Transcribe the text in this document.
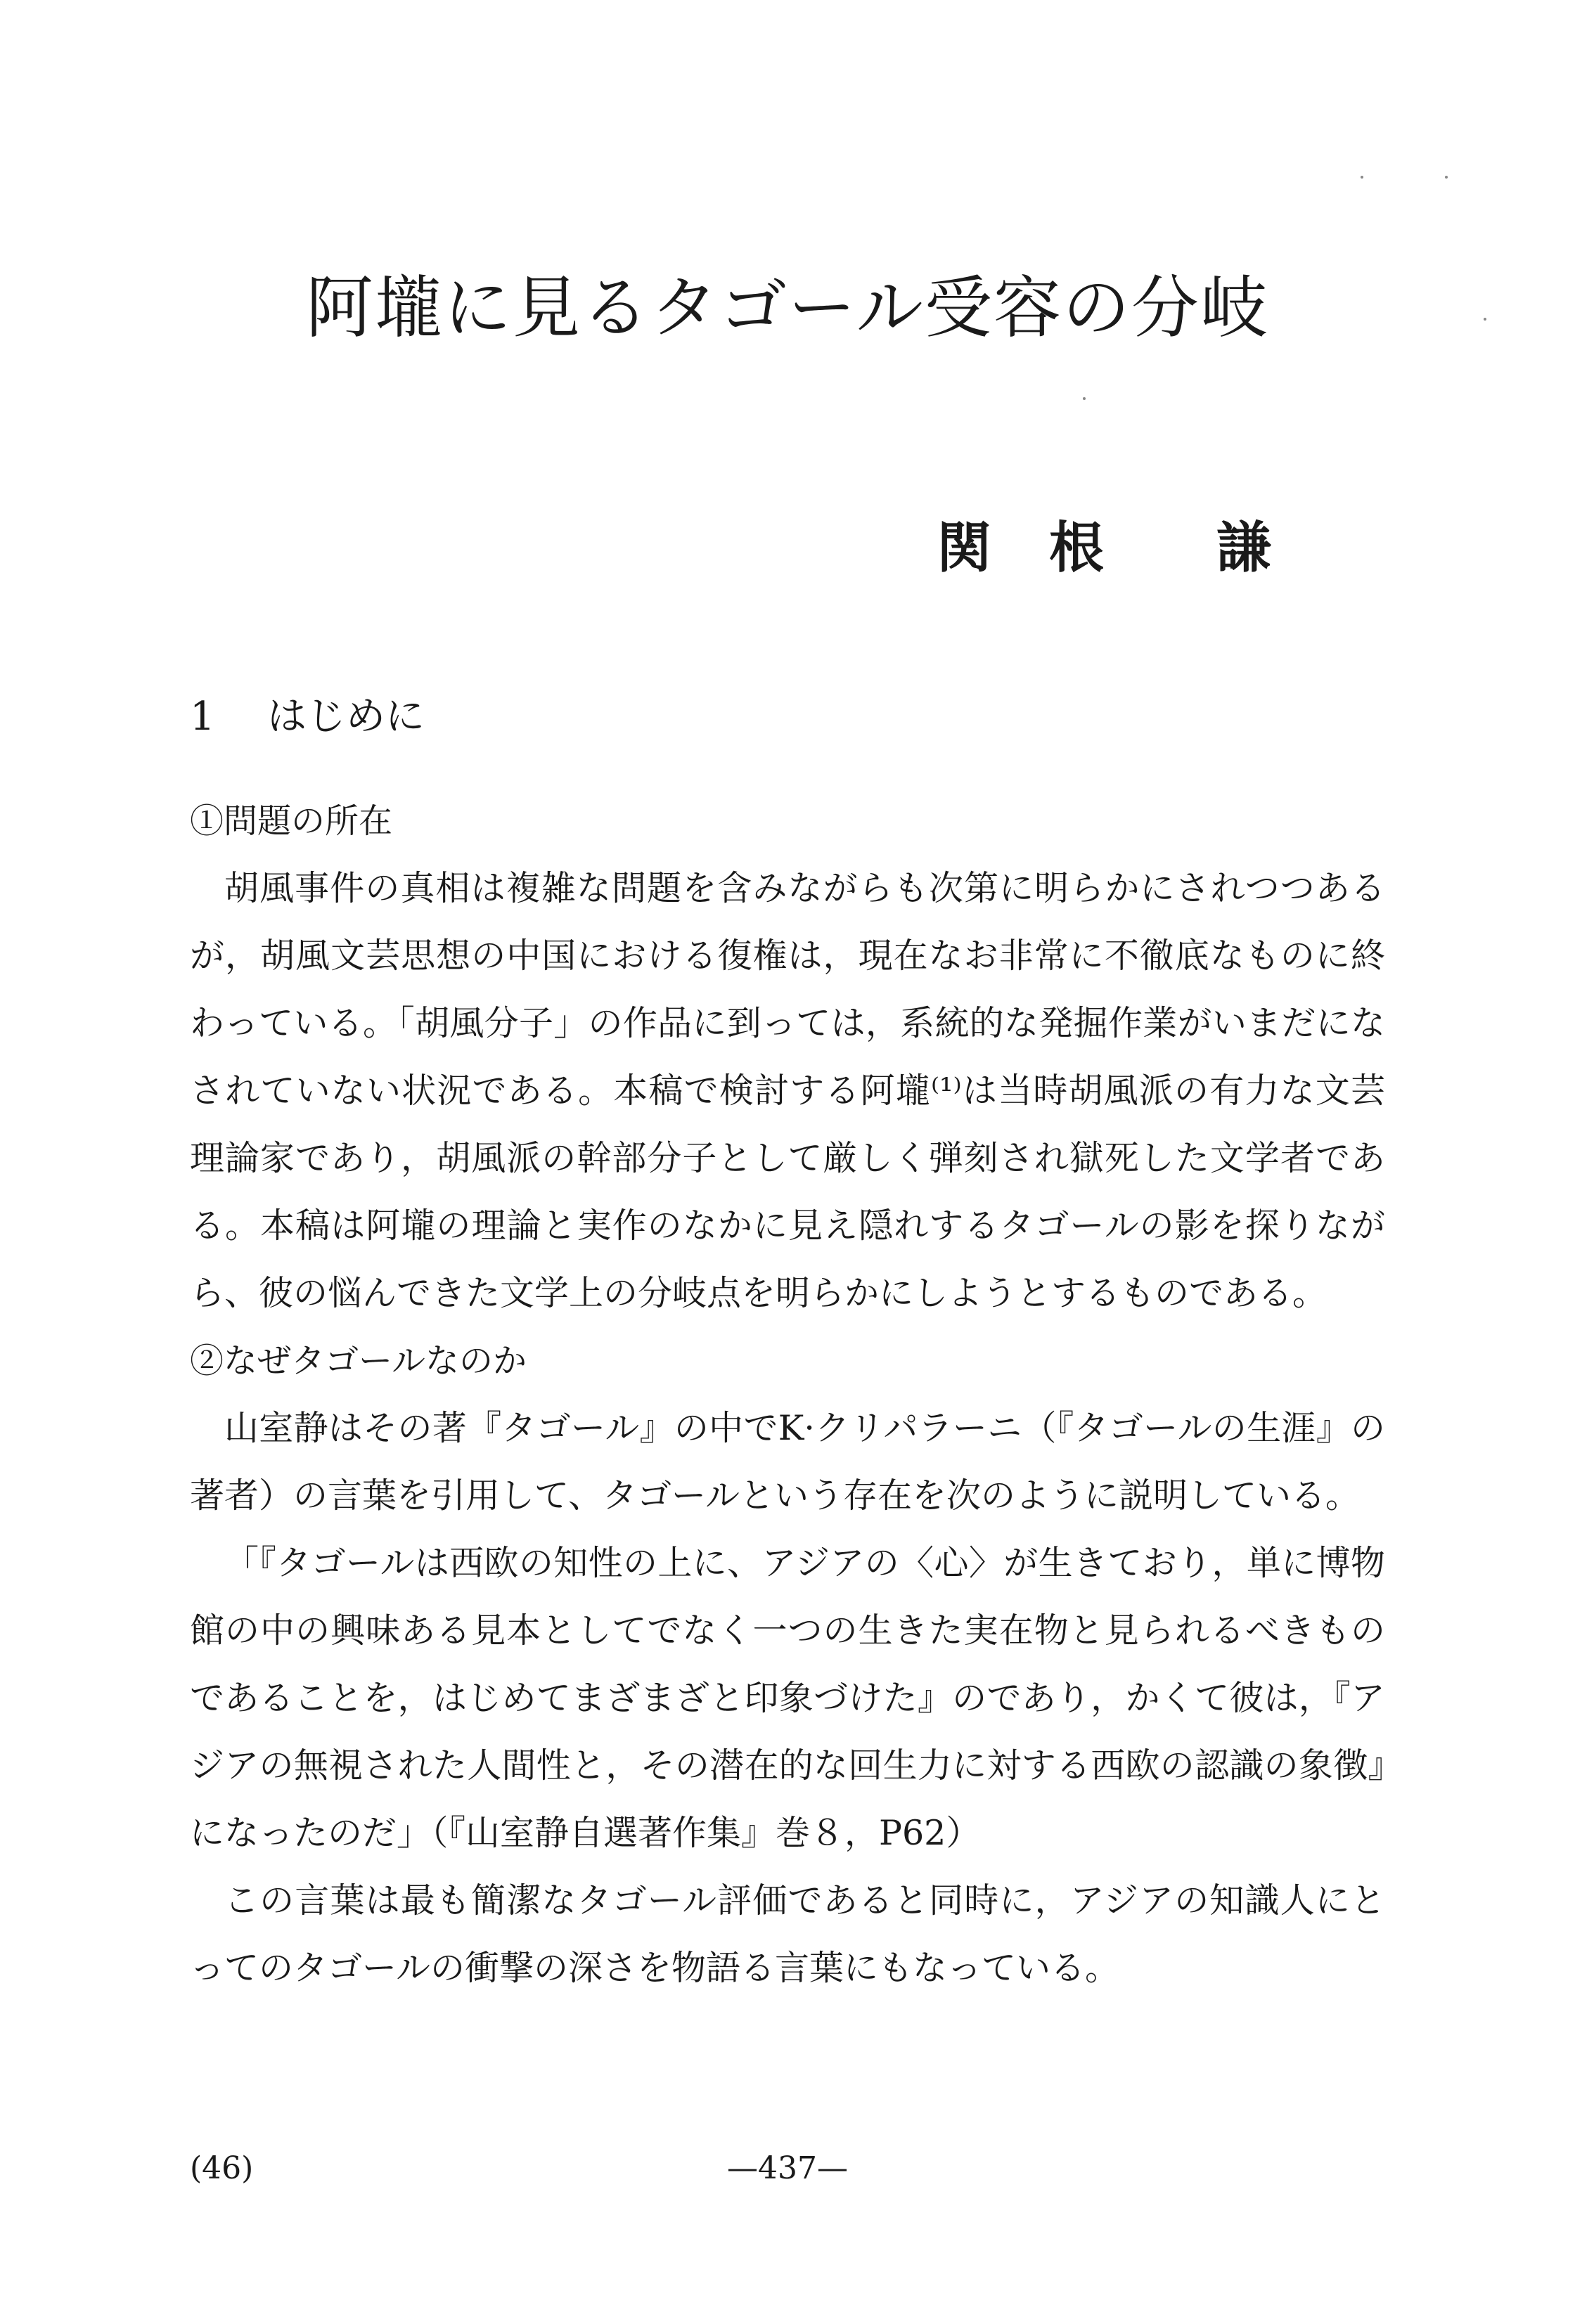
阿壠に見るタゴール受容の分岐
関 根 謙
1 はじめに

①問題の所在

胡風事件の真相は複雑な問題を含みながらも次第に明らかにされつつあるが，胡風文芸思想の中国における復権は，現在なお非常に不徹底なものに終わっている。「胡風分子」の作品に到っては，系統的な発掘作業がいまだになされていない状況である。本稿で検討する阿壠⁽¹⁾は当時胡風派の有力な文芸理論家であり，胡風派の幹部分子として厳しく弾刻され獄死した文学者である。本稿は阿壠の理論と実作のなかに見え隠れするタゴールの影を探りながら、彼の悩んできた文学上の分岐点を明らかにしようとするものである。

②なぜタゴールなのか

山室静はその著『タゴール』の中でK·クリパラーニ（『タゴールの生涯』の著者）の言葉を引用して、タゴールという存在を次のように説明している。

「『タゴールは西欧の知性の上に、アジアの〈心〉が生きており，単に博物館の中の興味ある見本としてでなく一つの生きた実在物と見られるべきものであることを，はじめてまざまざと印象づけた』のであり，かくて彼は，『アジアの無視された人間性と，その潜在的な回生力に対する西欧の認識の象徴』になったのだ」（『山室静自選著作集』巻８，P62）

この言葉は最も簡潔なタゴール評価であると同時に，アジアの知識人にとってのタゴールの衝撃の深さを物語る言葉にもなっている。

(46)	—437—
